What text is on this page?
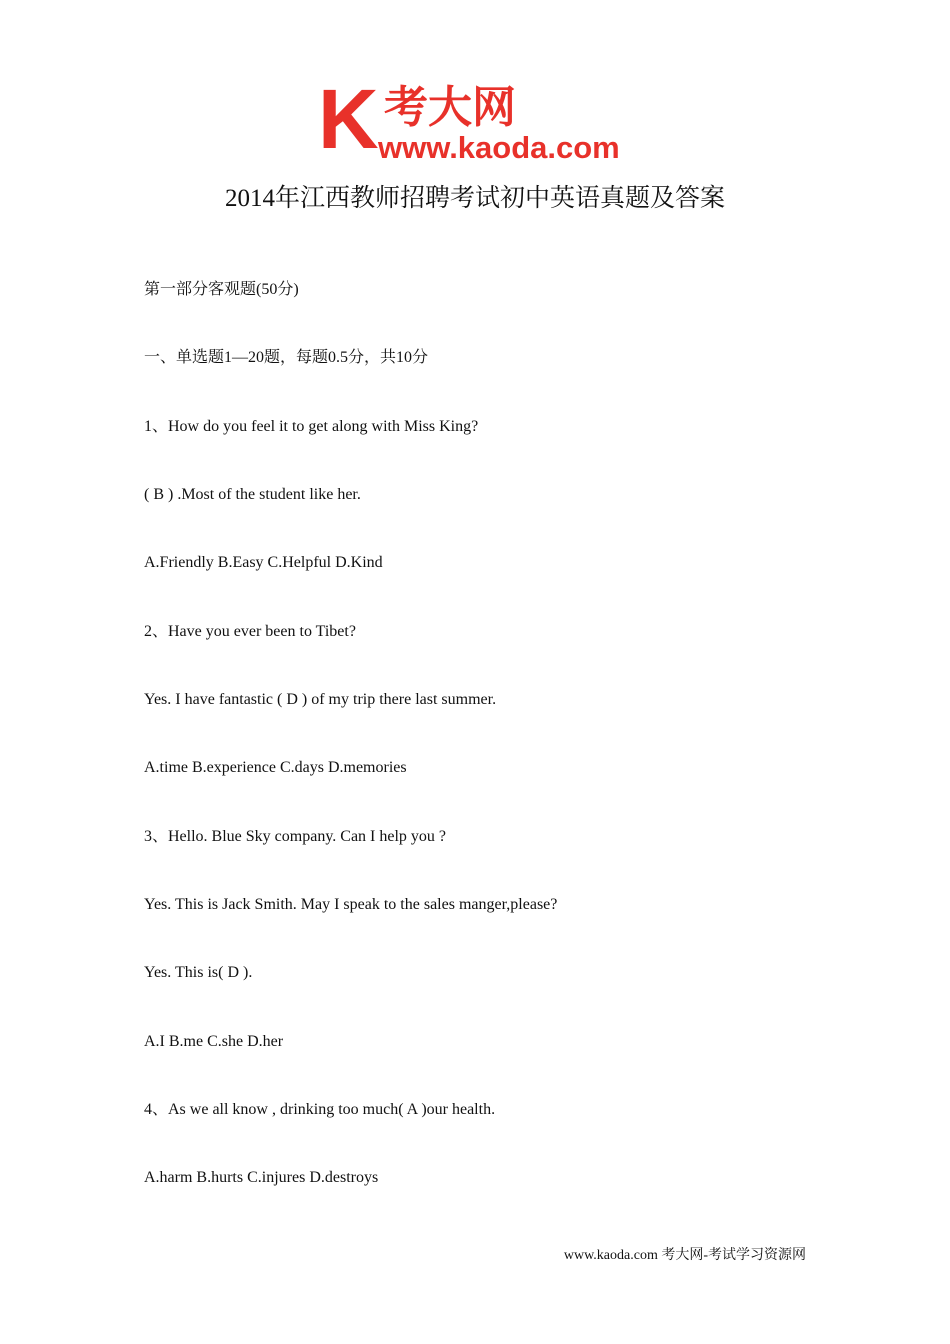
K 考大网
www.kaoda.com
2014年江西教师招聘考试初中英语真题及答案
第一部分客观题(50分)
一、单选题1—20题，每题0.5分，共10分
1、How do you feel it to get along with Miss King?
( B ) .Most of the student like her.
A.Friendly B.Easy C.Helpful D.Kind
2、Have you ever been to Tibet?
Yes. I have fantastic ( D ) of my trip there last summer.
A.time B.experience C.days D.memories
3、Hello. Blue Sky company. Can I help you ?
Yes. This is Jack Smith. May I speak to the sales manger,please?
Yes. This is( D ).
A.I B.me C.she D.her
4、As we all know , drinking too much( A )our health.
A.harm B.hurts C.injures D.destroys
www.kaoda.com 考大网-考试学习资源网
